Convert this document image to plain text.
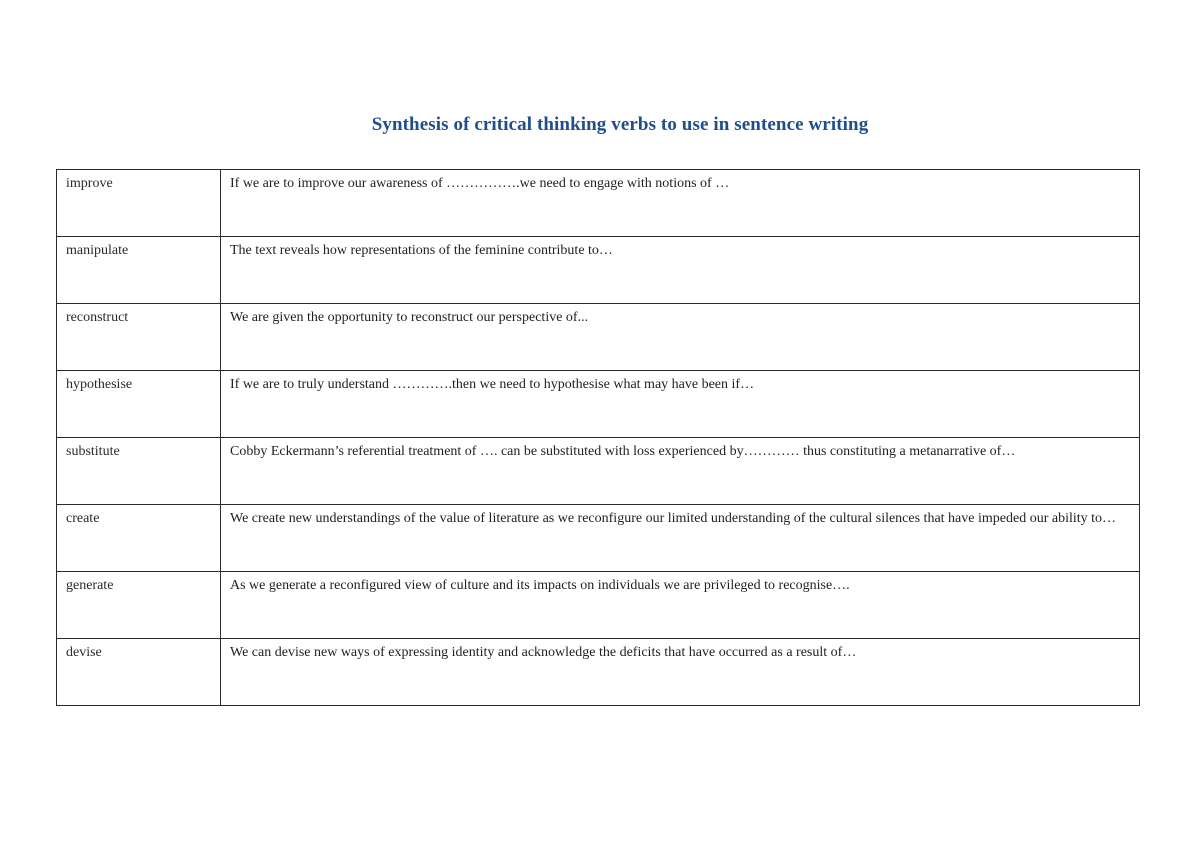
Synthesis of critical thinking verbs to use in sentence writing
improve	If we are to improve our awareness of …………….we need to engage with notions of …
manipulate	The text reveals how representations of the feminine contribute to…
reconstruct	We are given the opportunity to reconstruct our perspective of...
hypothesise	If we are to truly understand ………….then we need to hypothesise what may have been if…
substitute	Cobby Eckermann’s referential treatment of …. can be substituted with loss experienced by………… thus constituting a metanarrative of…
create	We create new understandings of the value of literature as we reconfigure our limited understanding of the cultural silences that have impeded our ability to…
generate	As we generate a reconfigured view of culture and its impacts on individuals we are privileged to recognise….
devise	We can devise new ways of expressing identity and acknowledge the deficits that have occurred as a result of…
